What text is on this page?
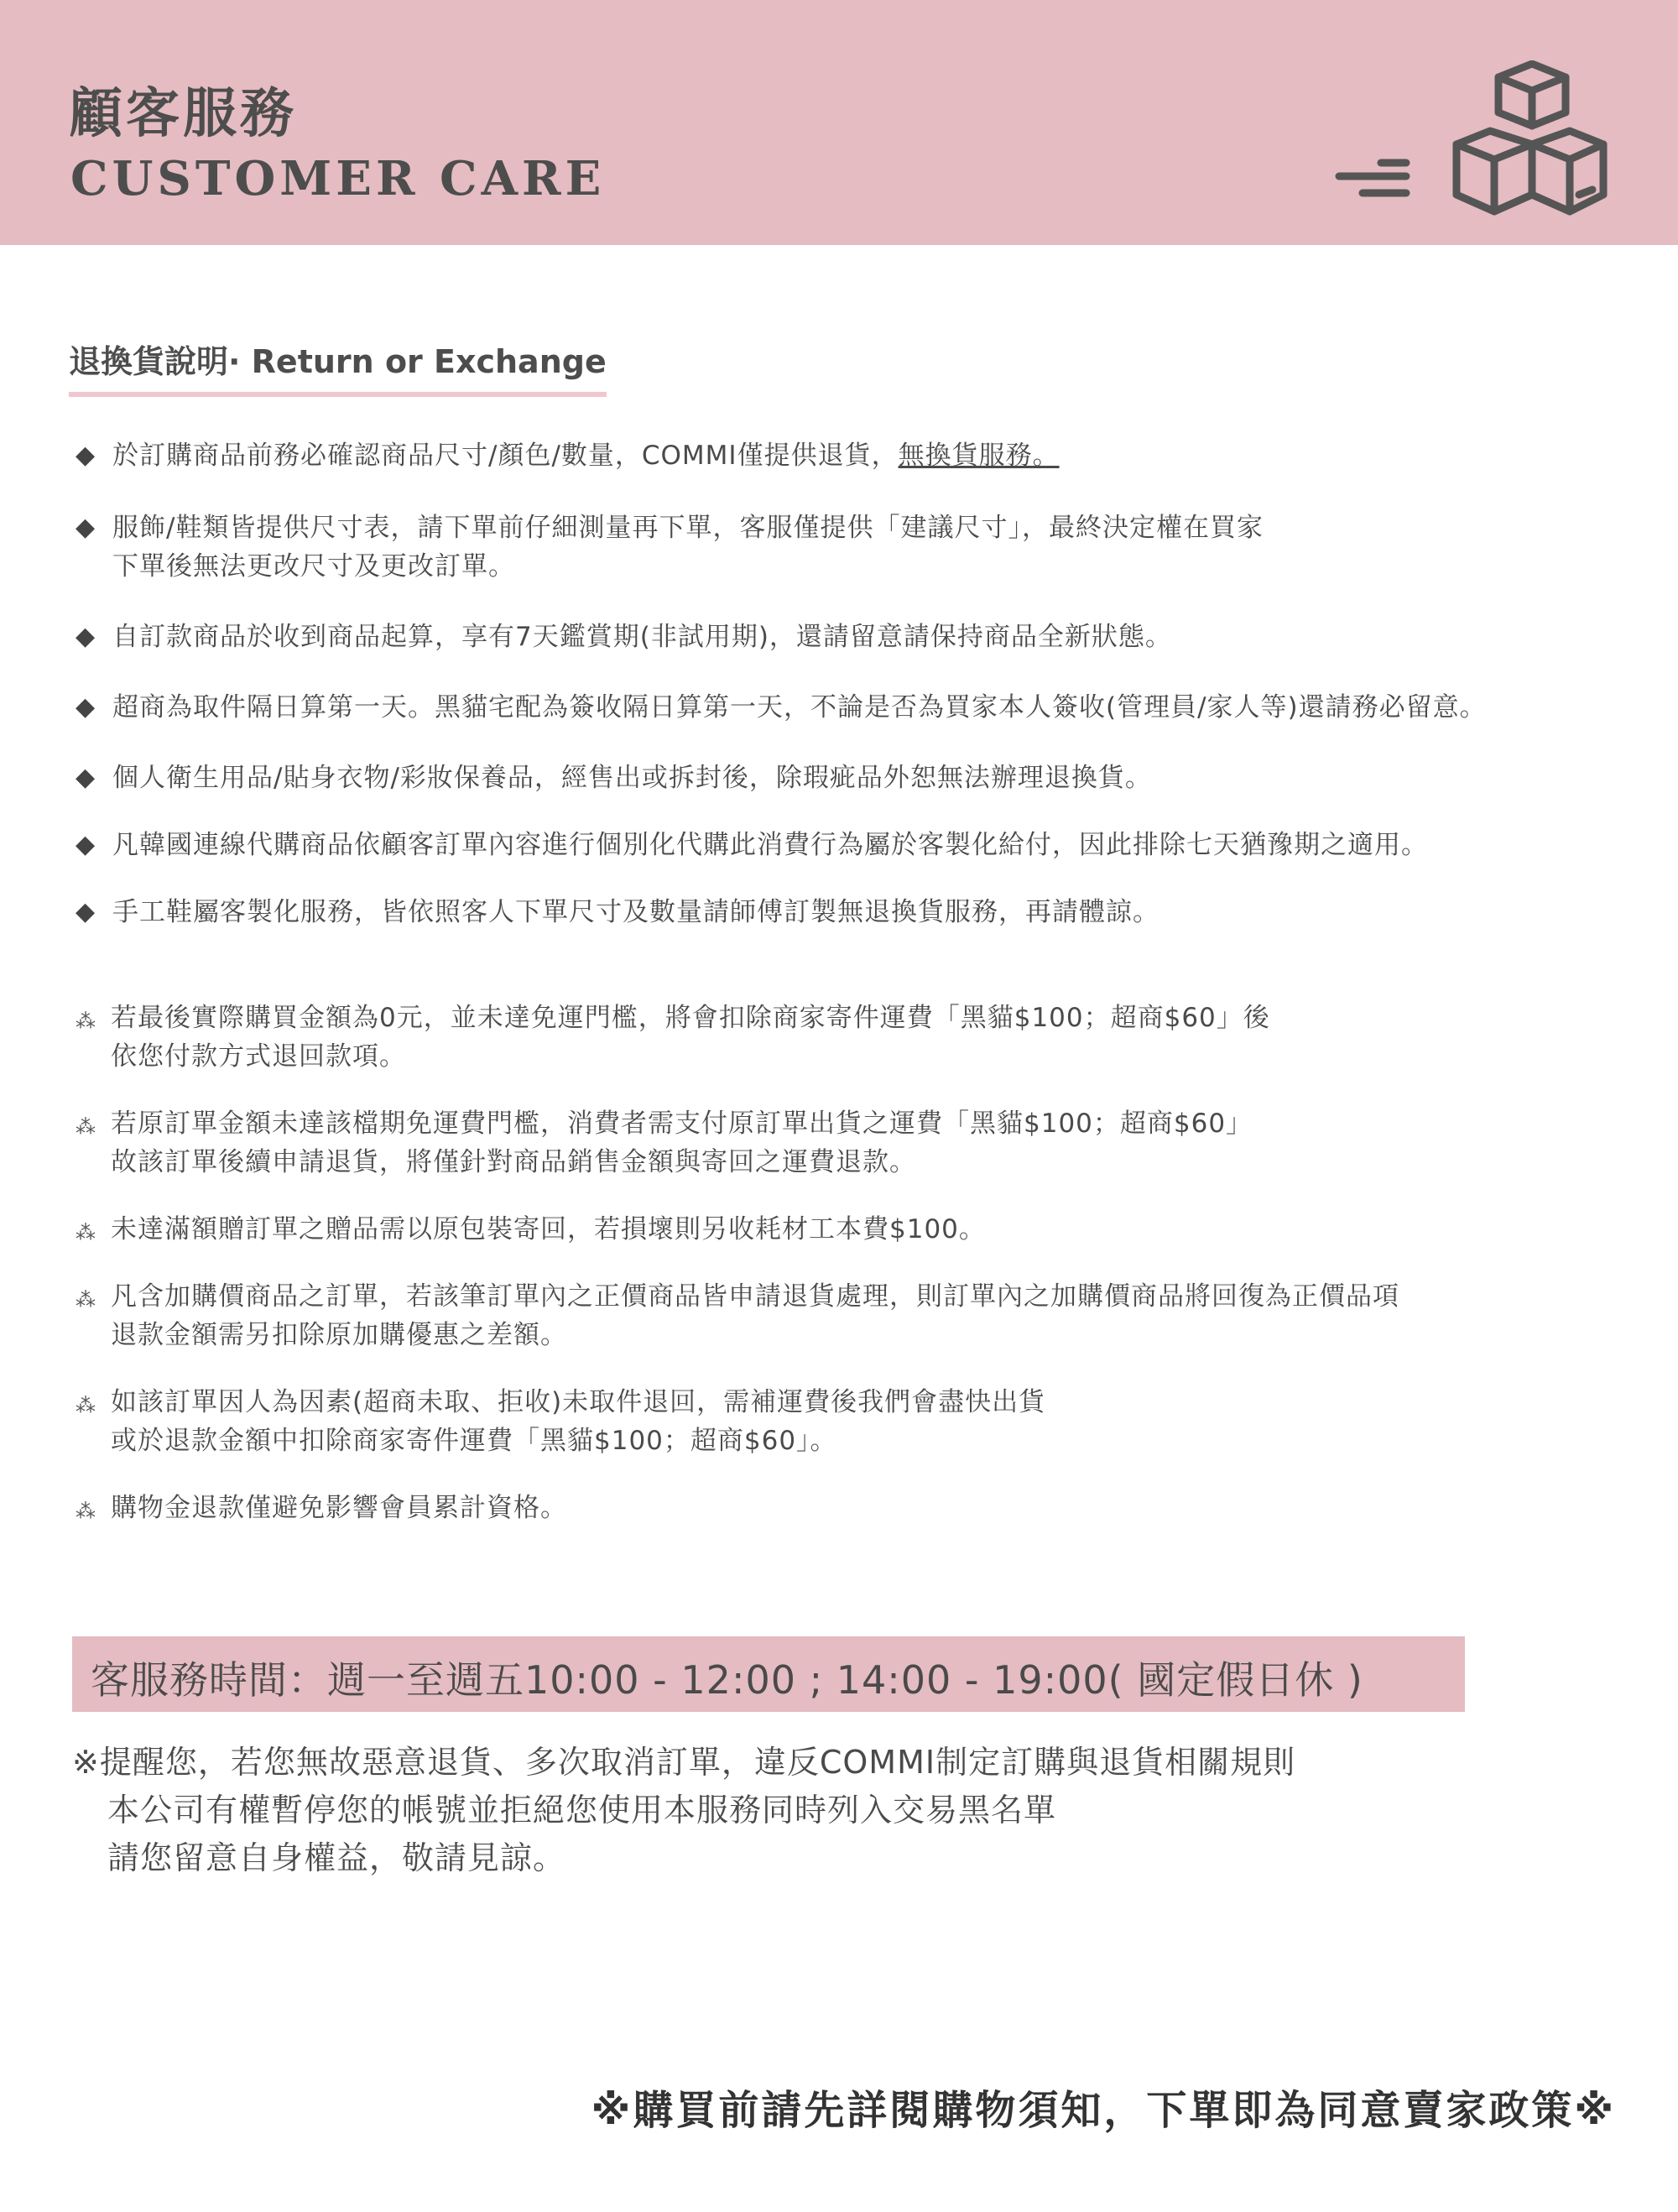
顧客服務
CUSTOMER CARE
退換貨說明· Return or Exchange
◆ 於訂購商品前務必確認商品尺寸/顏色/數量，COMMI僅提供退貨，無換貨服務。
◆ 服飾/鞋類皆提供尺寸表，請下單前仔細測量再下單，客服僅提供「建議尺寸」，最終決定權在買家
下單後無法更改尺寸及更改訂單。
◆ 自訂款商品於收到商品起算，享有7天鑑賞期(非試用期)，還請留意請保持商品全新狀態。
◆ 超商為取件隔日算第一天。黑貓宅配為簽收隔日算第一天，不論是否為買家本人簽收(管理員/家人等)還請務必留意。
◆ 個人衛生用品/貼身衣物/彩妝保養品，經售出或拆封後，除瑕疵品外恕無法辦理退換貨。
◆ 凡韓國連線代購商品依顧客訂單內容進行個別化代購此消費行為屬於客製化給付，因此排除七天猶豫期之適用。
◆ 手工鞋屬客製化服務，皆依照客人下單尺寸及數量請師傅訂製無退換貨服務，再請體諒。
⁂ 若最後實際購買金額為0元，並未達免運門檻，將會扣除商家寄件運費「黑貓$100；超商$60」後
依您付款方式退回款項。
⁂ 若原訂單金額未達該檔期免運費門檻，消費者需支付原訂單出貨之運費「黑貓$100；超商$60」
故該訂單後續申請退貨，將僅針對商品銷售金額與寄回之運費退款。
⁂ 未達滿額贈訂單之贈品需以原包裝寄回，若損壞則另收耗材工本費$100。
⁂ 凡含加購價商品之訂單，若該筆訂單內之正價商品皆申請退貨處理，則訂單內之加購價商品將回復為正價品項
退款金額需另扣除原加購優惠之差額。
⁂ 如該訂單因人為因素(超商未取、拒收)未取件退回，需補運費後我們會盡快出貨
或於退款金額中扣除商家寄件運費「黑貓$100；超商$60」。
⁂ 購物金退款僅避免影響會員累計資格。
客服務時間：週一至週五10:00 - 12:00 ; 14:00 - 19:00( 國定假日休 )
※提醒您，若您無故惡意退貨、多次取消訂單，違反COMMI制定訂購與退貨相關規則
本公司有權暫停您的帳號並拒絕您使用本服務同時列入交易黑名單
請您留意自身權益，敬請見諒。
※購買前請先詳閱購物須知，下單即為同意賣家政策※
